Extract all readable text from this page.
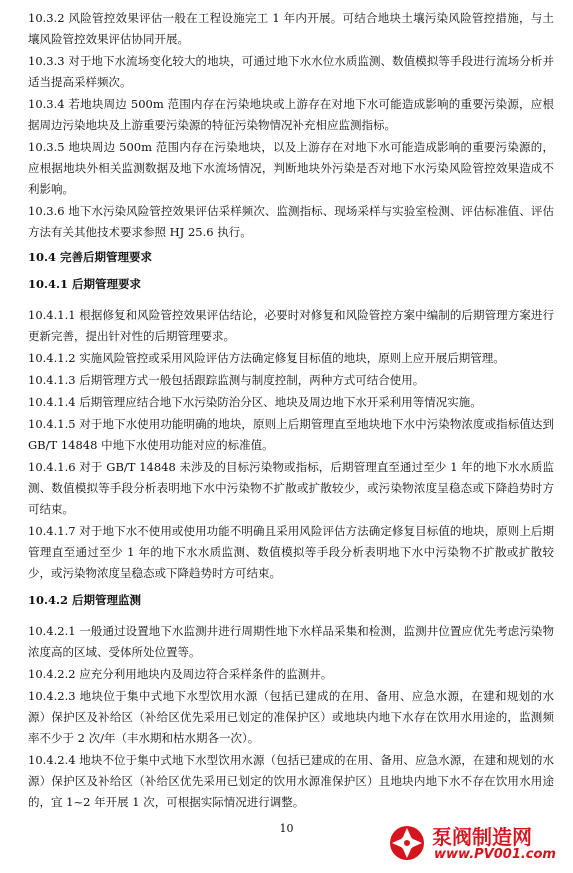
10.3.2 风险管控效果评估一般在工程设施完工 1 年内开展。可结合地块土壤污染风险管控措施，与土壤风险管控效果评估协同开展。

10.3.3 对于地下水流场变化较大的地块，可通过地下水水位水质监测、数值模拟等手段进行流场分析并适当提高采样频次。

10.3.4 若地块周边 500m 范围内存在污染地块或上游存在对地下水可能造成影响的重要污染源，应根据周边污染地块及上游重要污染源的特征污染物情况补充相应监测指标。

10.3.5 地块周边 500m 范围内存在污染地块，以及上游存在对地下水可能造成影响的重要污染源的，应根据地块外相关监测数据及地下水流场情况，判断地块外污染是否对地下水污染风险管控效果造成不利影响。

10.3.6 地下水污染风险管控效果评估采样频次、监测指标、现场采样与实验室检测、评估标准值、评估方法有关其他技术要求参照 HJ 25.6 执行。

10.4 完善后期管理要求

10.4.1 后期管理要求

10.4.1.1 根据修复和风险管控效果评估结论，必要时对修复和风险管控方案中编制的后期管理方案进行更新完善，提出针对性的后期管理要求。

10.4.1.2 实施风险管控或采用风险评估方法确定修复目标值的地块，原则上应开展后期管理。

10.4.1.3 后期管理方式一般包括跟踪监测与制度控制，两种方式可结合使用。

10.4.1.4 后期管理应结合地下水污染防治分区、地块及周边地下水开采利用等情况实施。

10.4.1.5 对于地下水使用功能明确的地块，原则上后期管理直至地块地下水中污染物浓度或指标值达到 GB/T 14848 中地下水使用功能对应的标准值。

10.4.1.6 对于 GB/T 14848 未涉及的目标污染物或指标，后期管理直至通过至少 1 年的地下水水质监测、数值模拟等手段分析表明地下水中污染物不扩散或扩散较少，或污染物浓度呈稳态或下降趋势时方可结束。

10.4.1.7 对于地下水不使用或使用功能不明确且采用风险评估方法确定修复目标值的地块，原则上后期管理直至通过至少 1 年的地下水水质监测、数值模拟等手段分析表明地下水中污染物不扩散或扩散较少，或污染物浓度呈稳态或下降趋势时方可结束。

10.4.2 后期管理监测

10.4.2.1 一般通过设置地下水监测井进行周期性地下水样品采集和检测，监测井位置应优先考虑污染物浓度高的区域、受体所处位置等。

10.4.2.2 应充分利用地块内及周边符合采样条件的监测井。

10.4.2.3 地块位于集中式地下水型饮用水源（包括已建成的在用、备用、应急水源，在建和规划的水源）保护区及补给区（补给区优先采用已划定的准保护区）或地块内地下水存在饮用水用途的，监测频率不少于 2 次/年（丰水期和枯水期各一次）。

10.4.2.4 地块不位于集中式地下水型饮用水源（包括已建成的在用、备用、应急水源，在建和规划的水源）保护区及补给区（补给区优先采用已划定的饮用水源准保护区）且地块内地下水不存在饮用水用途的，宜 1~2 年开展 1 次，可根据实际情况进行调整。

10	泵阀制造网
www.PV001.com
